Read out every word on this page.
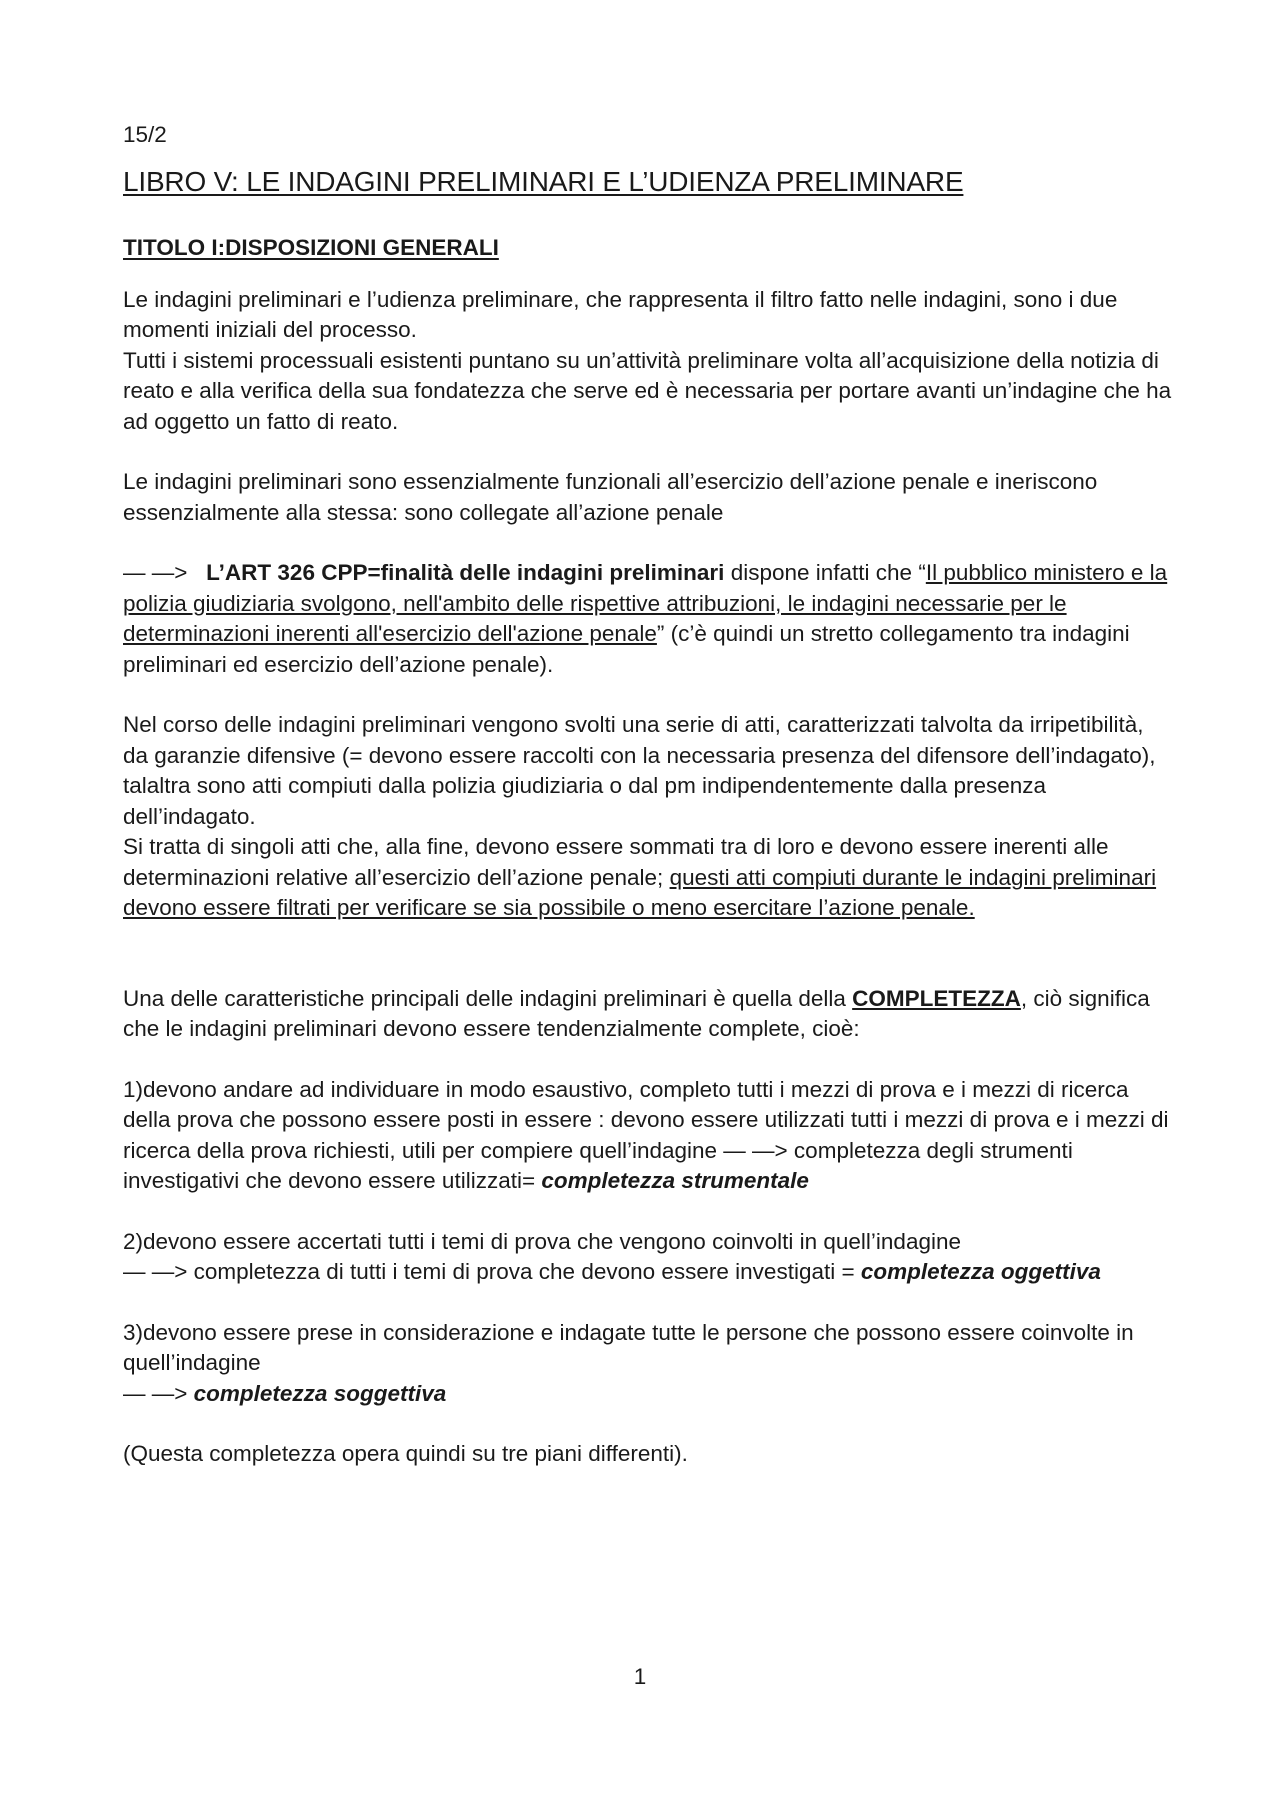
15/2

LIBRO V: LE INDAGINI PRELIMINARI E L’UDIENZA PRELIMINARE
TITOLO I:DISPOSIZIONI GENERALI

Le indagini preliminari e l’udienza preliminare, che rappresenta il filtro fatto nelle indagini, sono i due momenti iniziali del processo.

Tutti i sistemi processuali esistenti puntano su un’attività preliminare volta all’acquisizione della notizia di reato e alla verifica della sua fondatezza che serve ed è necessaria per portare avanti un’indagine che ha ad oggetto un fatto di reato.

Le indagini preliminari sono essenzialmente funzionali all’esercizio dell’azione penale e ineriscono essenzialmente alla stessa: sono collegate all’azione penale

— —> L’ART 326 CPP=finalità delle indagini preliminari dispone infatti che “Il pubblico ministero e la polizia giudiziaria svolgono, nell'ambito delle rispettive attribuzioni, le indagini necessarie per le determinazioni inerenti all'esercizio dell'azione penale” (c’è quindi un stretto collegamento tra indagini preliminari ed esercizio dell’azione penale).

Nel corso delle indagini preliminari vengono svolti una serie di atti, caratterizzati talvolta da irripetibilità, da garanzie difensive (= devono essere raccolti con la necessaria presenza del difensore dell’indagato), talaltra sono atti compiuti dalla polizia giudiziaria o dal pm indipendentemente dalla presenza dell’indagato.

Si tratta di singoli atti che, alla fine, devono essere sommati tra di loro e devono essere inerenti alle determinazioni relative all’esercizio dell’azione penale; questi atti compiuti durante le indagini preliminari devono essere filtrati per verificare se sia possibile o meno esercitare l’azione penale.

Una delle caratteristiche principali delle indagini preliminari è quella della COMPLETEZZA, ciò significa che le indagini preliminari devono essere tendenzialmente complete, cioè:

1)devono andare ad individuare in modo esaustivo, completo tutti i mezzi di prova e i mezzi di ricerca della prova che possono essere posti in essere : devono essere utilizzati tutti i mezzi di prova e i mezzi di ricerca della prova richiesti, utili per compiere quell’indagine — —> completezza degli strumenti investigativi che devono essere utilizzati= completezza strumentale

2)devono essere accertati tutti i temi di prova che vengono coinvolti in quell’indagine
— —> completezza di tutti i temi di prova che devono essere investigati = completezza oggettiva

3)devono essere prese in considerazione e indagate tutte le persone che possono essere coinvolte in quell’indagine
— —> completezza soggettiva

(Questa completezza opera quindi su tre piani differenti).

1
